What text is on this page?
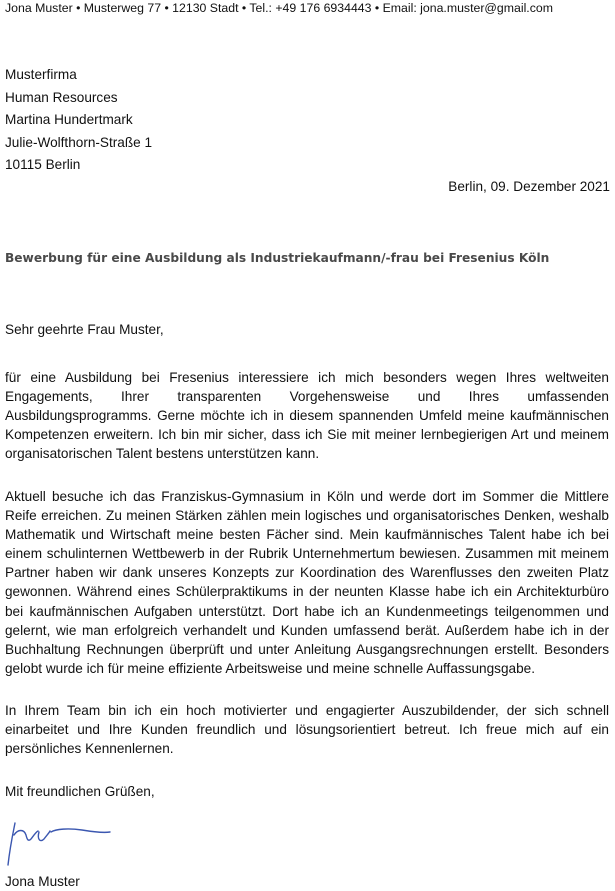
Jona Muster • Musterweg 77 • 12130 Stadt • Tel.: +49 176 6934443 • Email: jona.muster@gmail.com
Musterfirma
Human Resources
Martina Hundertmark
Julie-Wolfthorn-Straße 1
10115 Berlin
Berlin, 09. Dezember 2021
Bewerbung für eine Ausbildung als Industriekaufmann/-frau bei Fresenius Köln
Sehr geehrte Frau Muster,

für eine Ausbildung bei Fresenius interessiere ich mich besonders wegen Ihres weltweiten Engagements, Ihrer transparenten Vorgehensweise und Ihres umfassenden Ausbildungsprogramms. Gerne möchte ich in diesem spannenden Umfeld meine kaufmännischen Kompetenzen erweitern. Ich bin mir sicher, dass ich Sie mit meiner lernbegierigen Art und meinem organisatorischen Talent bestens unterstützen kann.

Aktuell besuche ich das Franziskus-Gymnasium in Köln und werde dort im Sommer die Mittlere Reife erreichen. Zu meinen Stärken zählen mein logisches und organisatorisches Denken, weshalb Mathematik und Wirtschaft meine besten Fächer sind. Mein kaufmännisches Talent habe ich bei einem schulinternen Wettbewerb in der Rubrik Unternehmertum bewiesen. Zusammen mit meinem Partner haben wir dank unseres Konzepts zur Koordination des Warenflusses den zweiten Platz gewonnen. Während eines Schülerpraktikums in der neunten Klasse habe ich ein Architekturbüro bei kaufmännischen Aufgaben unterstützt. Dort habe ich an Kundenmeetings teilgenommen und gelernt, wie man erfolgreich verhandelt und Kunden umfassend berät. Außerdem habe ich in der Buchhaltung Rechnungen überprüft und unter Anleitung Ausgangsrechnungen erstellt. Besonders gelobt wurde ich für meine effiziente Arbeitsweise und meine schnelle Auffassungsgabe.

In Ihrem Team bin ich ein hoch motivierter und engagierter Auszubildender, der sich schnell einarbeitet und Ihre Kunden freundlich und lösungsorientiert betreut. Ich freue mich auf ein persönliches Kennenlernen.

Mit freundlichen Grüßen,
Jona Muster
